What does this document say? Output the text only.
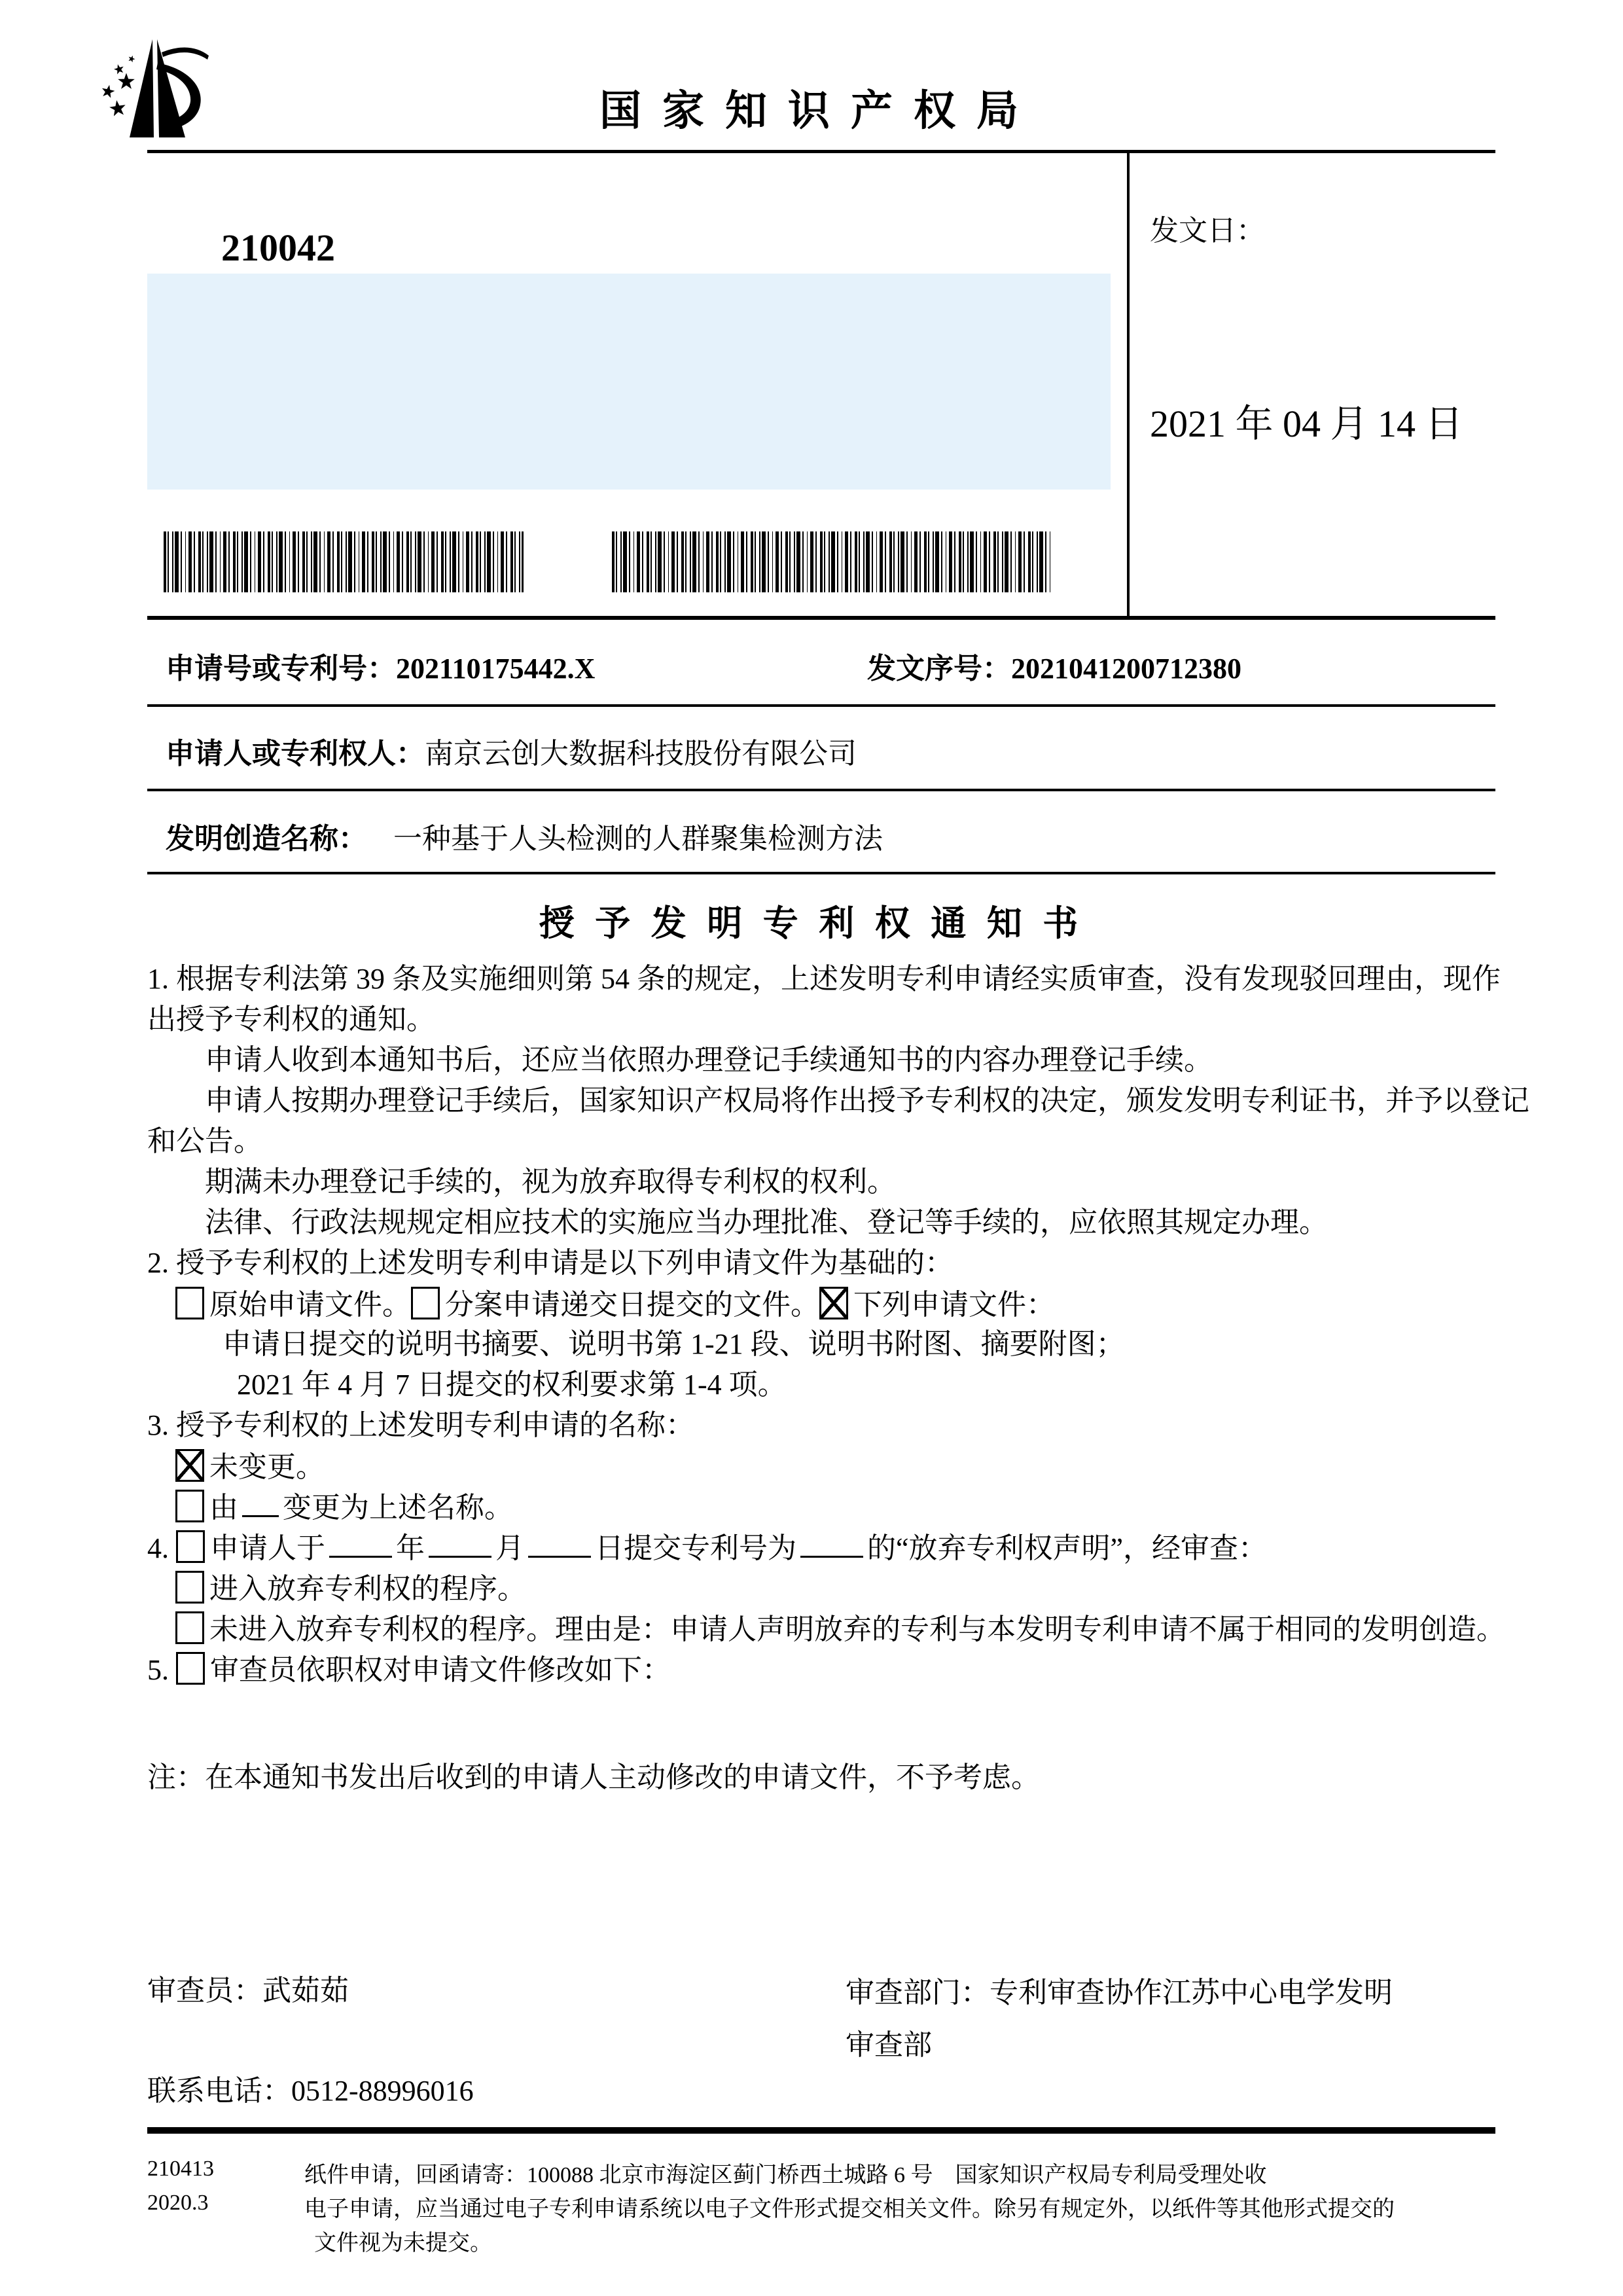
国 家 知 识 产 权 局
发文日：
2021 年 04 月 14 日
210042
申请号或专利号：202110175442.X	发文序号：2021041200712380
申请人或专利权人：南京云创大数据科技股份有限公司
发明创造名称： 一种基于人头检测的人群聚集检测方法
授 予 发 明 专 利 权 通 知 书
1. 根据专利法第 39 条及实施细则第 54 条的规定，上述发明专利申请经实质审查，没有发现驳回理由，现作
出授予专利权的通知。
申请人收到本通知书后，还应当依照办理登记手续通知书的内容办理登记手续。
申请人按期办理登记手续后，国家知识产权局将作出授予专利权的决定，颁发发明专利证书，并予以登记
和公告。
期满未办理登记手续的，视为放弃取得专利权的权利。
法律、行政法规规定相应技术的实施应当办理批准、登记等手续的，应依照其规定办理。
2. 授予专利权的上述发明专利申请是以下列申请文件为基础的：
原始申请文件。 分案申请递交日提交的文件。 下列申请文件：
申请日提交的说明书摘要、说明书第 1-21 段、说明书附图、摘要附图；
2021 年 4 月 7 日提交的权利要求第 1-4 项。
3. 授予专利权的上述发明专利申请的名称：
未变更。
由 变更为上述名称。
4. 申请人于 年 月 日提交专利号为 的“放弃专利权声明”，经审查：
进入放弃专利权的程序。
未进入放弃专利权的程序。理由是：申请人声明放弃的专利与本发明专利申请不属于相同的发明创造。
5. 审查员依职权对申请文件修改如下：
注：在本通知书发出后收到的申请人主动修改的申请文件，不予考虑。
审查员：武茹茹	审查部门：专利审查协作江苏中心电学发明
审查部
联系电话：0512-88996016
210413
2020.3
纸件申请，回函请寄：100088 北京市海淀区蓟门桥西土城路 6 号　国家知识产权局专利局受理处收
电子申请，应当通过电子专利申请系统以电子文件形式提交相关文件。除另有规定外，以纸件等其他形式提交的
文件视为未提交。
